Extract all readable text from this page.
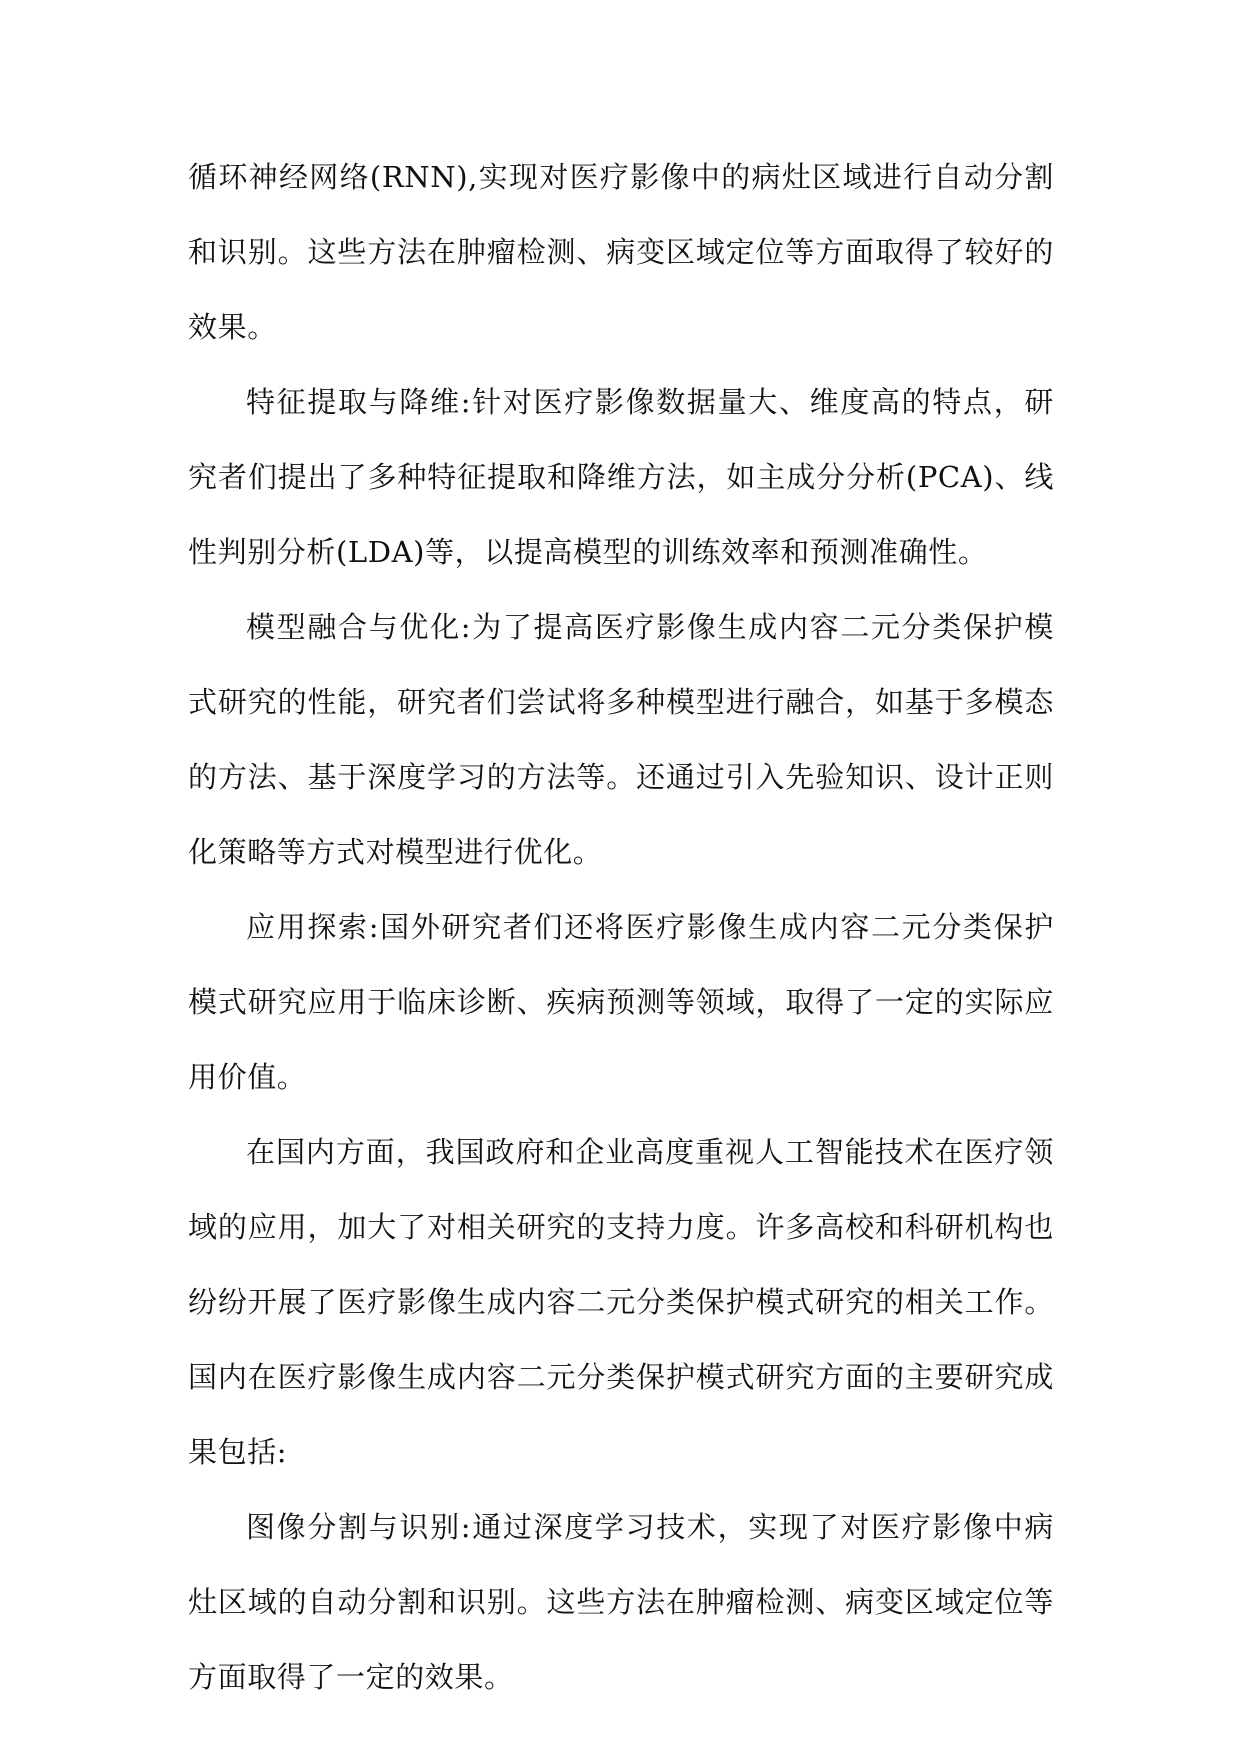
循环神经网络(RNN),实现对医疗影像中的病灶区域进行自动分割和识别。这些方法在肿瘤检测、病变区域定位等方面取得了较好的效果。

特征提取与降维:针对医疗影像数据量大、维度高的特点，研究者们提出了多种特征提取和降维方法，如主成分分析(PCA)、线性判别分析(LDA)等，以提高模型的训练效率和预测准确性。

模型融合与优化:为了提高医疗影像生成内容二元分类保护模式研究的性能，研究者们尝试将多种模型进行融合，如基于多模态的方法、基于深度学习的方法等。还通过引入先验知识、设计正则化策略等方式对模型进行优化。

应用探索:国外研究者们还将医疗影像生成内容二元分类保护模式研究应用于临床诊断、疾病预测等领域，取得了一定的实际应用价值。

在国内方面，我国政府和企业高度重视人工智能技术在医疗领域的应用，加大了对相关研究的支持力度。许多高校和科研机构也纷纷开展了医疗影像生成内容二元分类保护模式研究的相关工作。国内在医疗影像生成内容二元分类保护模式研究方面的主要研究成果包括:

图像分割与识别:通过深度学习技术，实现了对医疗影像中病灶区域的自动分割和识别。这些方法在肿瘤检测、病变区域定位等方面取得了一定的效果。
